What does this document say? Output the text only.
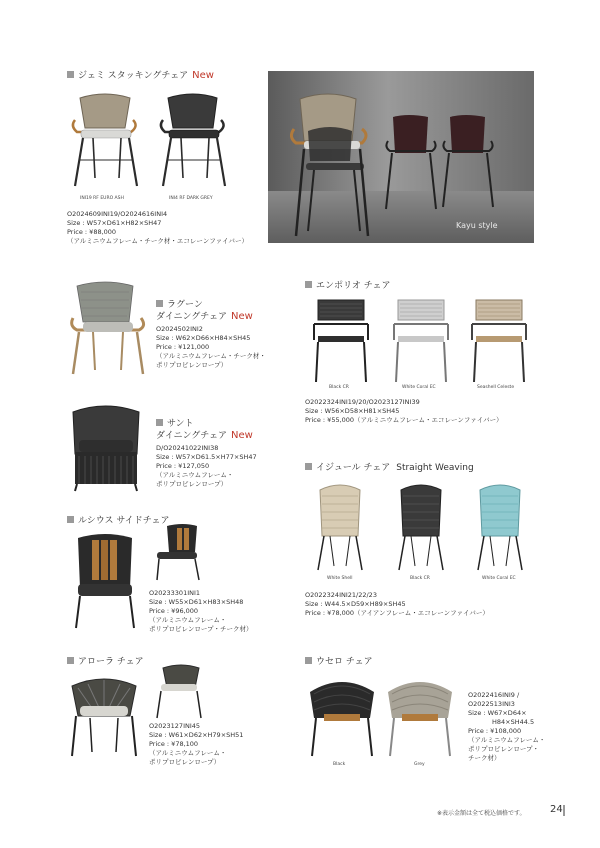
ジェミ スタッキングチェア New
INI19 RF EURO ASH	INI4 RF DARK GREY
O2024609INI19/O2024616INI4
Size : W57×D61×H82×SH47
Price : ¥88,000
（アルミニウムフレーム・チーク材・エコレーンファイバー）
Kayu style
ラグーン
ダイニングチェア New
O2024502INI2
Size : W62×D66×H84×SH45
Price : ¥121,000
（アルミニウムフレーム・チーク材・
ポリプロピレンロープ）
サント
ダイニングチェア New
D/O20241022INI38
Size : W57×D61.5×H77×SH47
Price : ¥127,050
（アルミニウムフレーム・
ポリプロピレンロープ）
ルシウス サイドチェア
O20233301INI1
Size : W55×D61×H83×SH48
Price : ¥96,000
（アルミニウムフレーム・
ポリプロピレンロープ・チーク材）
アローラ チェア
O2023127INI45
Size : W61×D62×H79×SH51
Price : ¥78,100
（アルミニウムフレーム・
ポリプロピレンロープ）
エンポリオ チェア
Black CR	White Coral EC	Seashell Celeste
O2022324INI19/20/O2023127INI39
Size : W56×D58×H81×SH45
Price : ¥55,000（アルミニウムフレーム・エコレーンファイバー）
イジュール チェア Straight Weaving
White Shell	Black CR	White Coral EC
O2022324INI21/22/23
Size : W44.5×D59×H89×SH45
Price : ¥78,000（アイアンフレーム・エコレーンファイバー）
ウセロ チェア
Black	Grey
O2022416INI9 /
O2022513INI3
Size : W67×D64×
H84×SH44.5
Price : ¥108,000
（アルミニウムフレーム・
ポリプロピレンロープ・
チーク材）
※表示金額は全て税込価格です。 24
